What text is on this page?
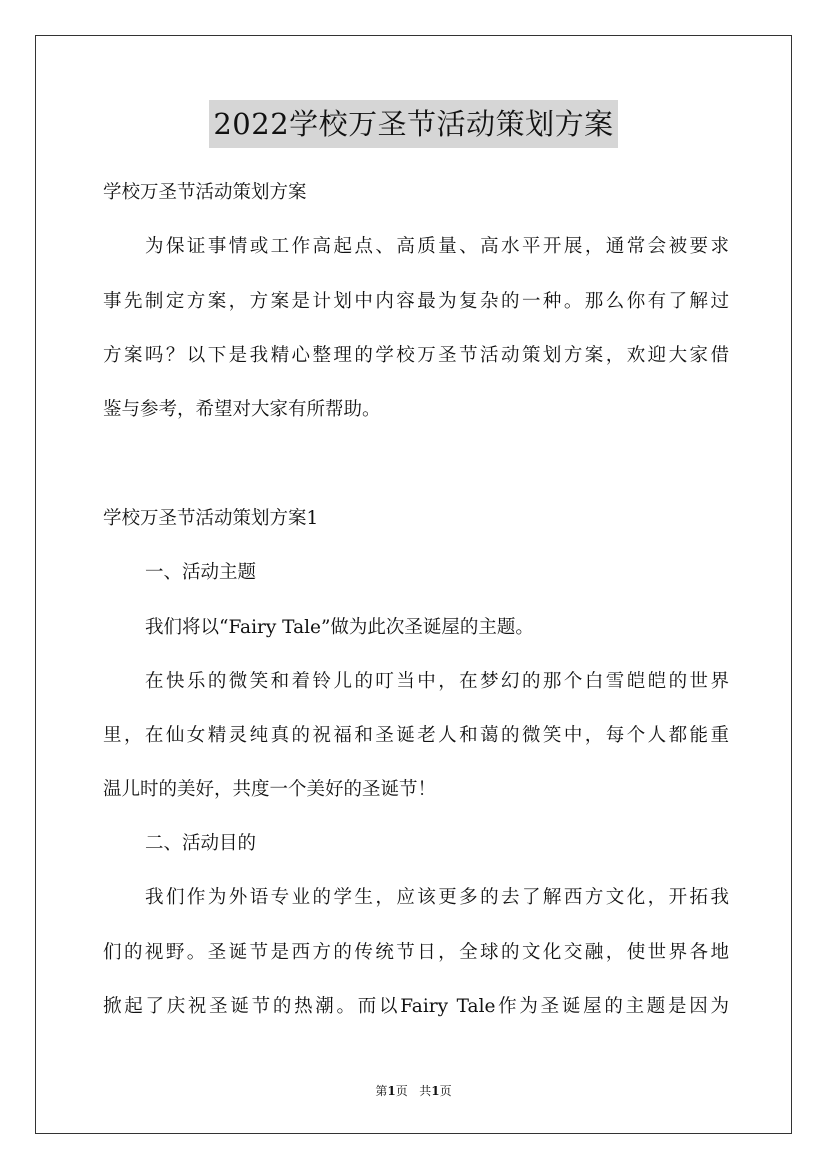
2022学校万圣节活动策划方案
学校万圣节活动策划方案
为保证事情或工作高起点、高质量、高水平开展，通常会被要求
事先制定方案，方案是计划中内容最为复杂的一种。那么你有了解过
方案吗？以下是我精心整理的学校万圣节活动策划方案，欢迎大家借
鉴与参考，希望对大家有所帮助。
学校万圣节活动策划方案1
一、活动主题
我们将以“Fairy Tale”做为此次圣诞屋的主题。
在快乐的微笑和着铃儿的叮当中，在梦幻的那个白雪皑皑的世界
里，在仙女精灵纯真的祝福和圣诞老人和蔼的微笑中，每个人都能重
温儿时的美好，共度一个美好的圣诞节！
二、活动目的
我们作为外语专业的学生，应该更多的去了解西方文化，开拓我
们的视野。圣诞节是西方的传统节日，全球的文化交融，使世界各地
掀起了庆祝圣诞节的热潮。而以Fairy Tale作为圣诞屋的主题是因为
第1页 共1页
